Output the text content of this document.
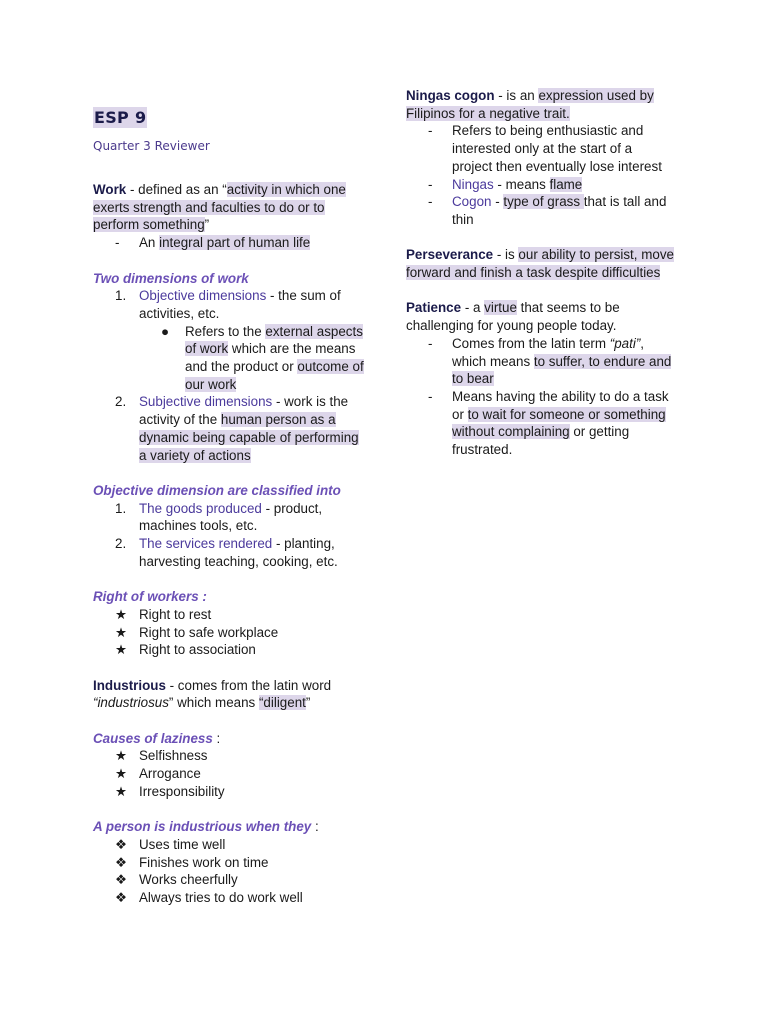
ESP 9

Quarter 3 Reviewer

Work - defined as an “activity in which one exerts strength and faculties to do or to perform something”

- An integral part of human life

Two dimensions of work

1. Objective dimensions - the sum of activities, etc.
● Refers to the external aspects of work which are the means and the product or outcome of our work
2. Subjective dimensions - work is the activity of the human person as a dynamic being capable of performing a variety of actions

Objective dimension are classified into

1. The goods produced - product, machines tools, etc.
2. The services rendered - planting, harvesting teaching, cooking, etc.

Right of workers :

★ Right to rest
★ Right to safe workplace
★ Right to association

Industrious - comes from the latin word “industriosus” which means “diligent”

Causes of laziness :

★ Selfishness
★ Arrogance
★ Irresponsibility

A person is industrious when they :

❖ Uses time well
❖ Finishes work on time
❖ Works cheerfully
❖ Always tries to do work well

Ningas cogon - is an expression used by Filipinos for a negative trait.

- Refers to being enthusiastic and interested only at the start of a project then eventually lose interest
- Ningas - means flame
- Cogon - type of grass that is tall and thin

Perseverance - is our ability to persist, move forward and finish a task despite difficulties

Patience - a virtue that seems to be challenging for young people today.

- Comes from the latin term “pati”, which means to suffer, to endure and to bear
- Means having the ability to do a task or to wait for someone or something without complaining or getting frustrated.
